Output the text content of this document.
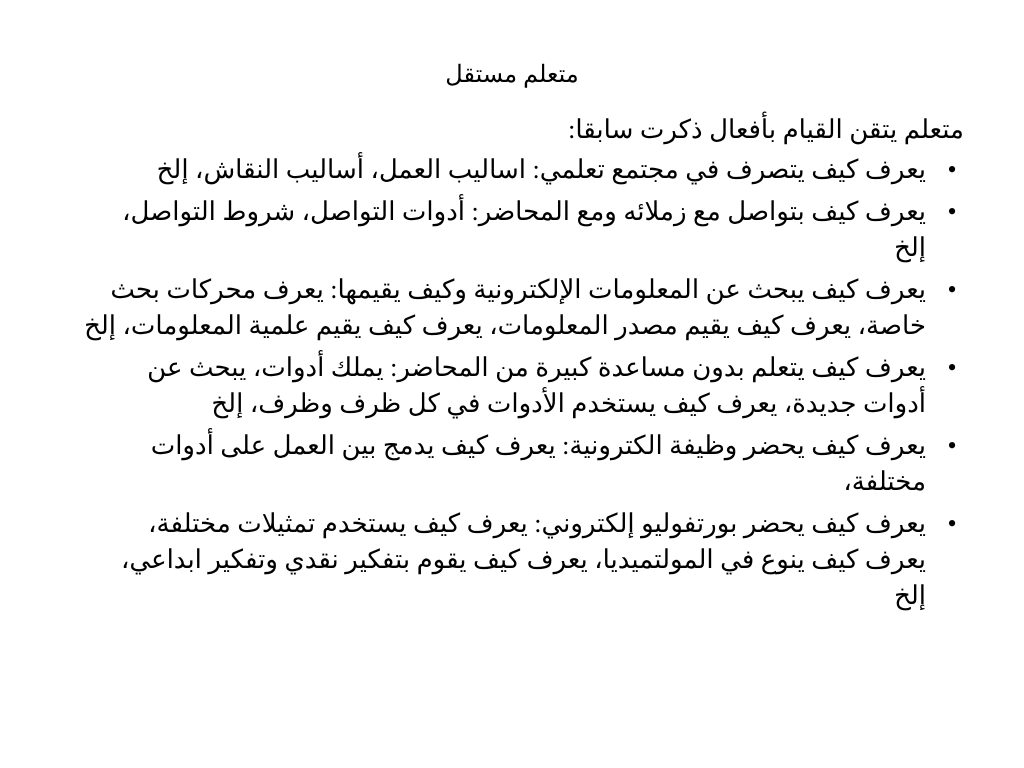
متعلم مستقل

متعلم يتقن القيام بأفعال ذكرت سابقا:

•
يعرف كيف يتصرف في مجتمع تعلمي: اساليب العمل، أساليب النقاش، إلخ
•
يعرف كيف بتواصل مع زملائه ومع المحاضر: أدوات التواصل، شروط التواصل، إلخ
•
يعرف كيف يبحث عن المعلومات الإلكترونية وكيف يقيمها: يعرف محركات بحث خاصة، يعرف كيف يقيم مصدر المعلومات، يعرف كيف يقيم علمية المعلومات، إلخ
•
يعرف كيف يتعلم بدون مساعدة كبيرة من المحاضر: يملك أدوات، يبحث عن أدوات جديدة، يعرف كيف يستخدم الأدوات في كل ظرف وظرف، إلخ
•
يعرف كيف يحضر وظيفة الكترونية: يعرف كيف يدمج بين العمل على أدوات مختلفة،
•
يعرف كيف يحضر بورتفوليو إلكتروني: يعرف كيف يستخدم تمثيلات مختلفة، يعرف كيف ينوع في المولتميديا، يعرف كيف يقوم بتفكير نقدي وتفكير ابداعي، إلخ
